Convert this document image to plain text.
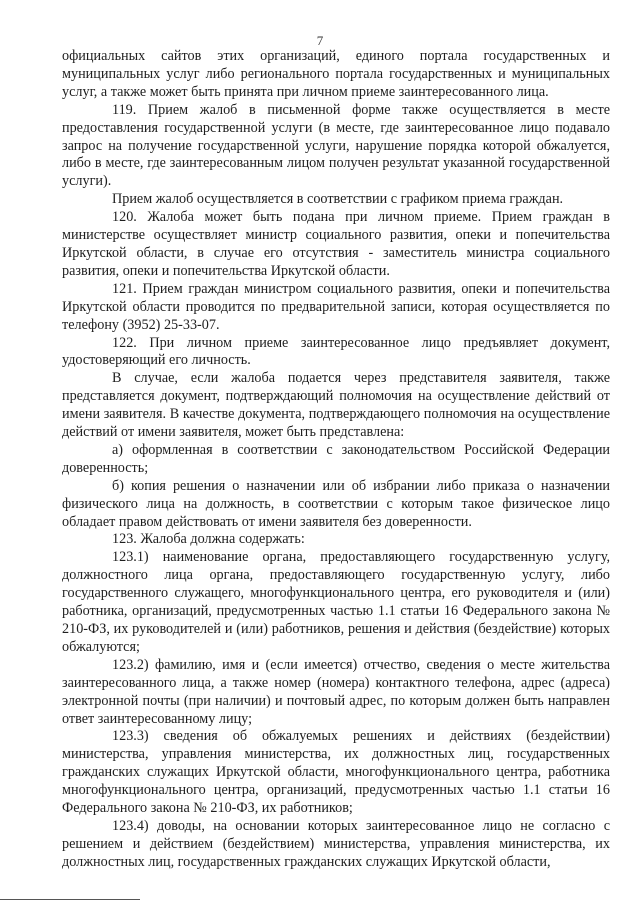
7

официальных сайтов этих организаций, единого портала государственных и муниципальных услуг либо регионального портала государственных и муниципальных услуг, а также может быть принята при личном приеме заинтересованного лица.

119. Прием жалоб в письменной форме также осуществляется в месте предоставления государственной услуги (в месте, где заинтересованное лицо подавало запрос на получение государственной услуги, нарушение порядка которой обжалуется, либо в месте, где заинтересованным лицом получен результат указанной государственной услуги).

Прием жалоб осуществляется в соответствии с графиком приема граждан.

120. Жалоба может быть подана при личном приеме. Прием граждан в министерстве осуществляет министр социального развития, опеки и попечительства Иркутской области, в случае его отсутствия - заместитель министра социального развития, опеки и попечительства Иркутской области.

121. Прием граждан министром социального развития, опеки и попечительства Иркутской области проводится по предварительной записи, которая осуществляется по телефону (3952) 25-33-07.

122. При личном приеме заинтересованное лицо предъявляет документ, удостоверяющий его личность.

В случае, если жалоба подается через представителя заявителя, также представляется документ, подтверждающий полномочия на осуществление действий от имени заявителя. В качестве документа, подтверждающего полномочия на осуществление действий от имени заявителя, может быть представлена:

а) оформленная в соответствии с законодательством Российской Федерации доверенность;

б) копия решения о назначении или об избрании либо приказа о назначении физического лица на должность, в соответствии с которым такое физическое лицо обладает правом действовать от имени заявителя без доверенности.

123. Жалоба должна содержать:

123.1) наименование органа, предоставляющего государственную услугу, должностного лица органа, предоставляющего государственную услугу, либо государственного служащего, многофункционального центра, его руководителя и (или) работника, организаций, предусмотренных частью 1.1 статьи 16 Федерального закона № 210-ФЗ, их руководителей и (или) работников, решения и действия (бездействие) которых обжалуются;

123.2) фамилию, имя и (если имеется) отчество, сведения о месте жительства заинтересованного лица, а также номер (номера) контактного телефона, адрес (адреса) электронной почты (при наличии) и почтовый адрес, по которым должен быть направлен ответ заинтересованному лицу;

123.3) сведения об обжалуемых решениях и действиях (бездействии) министерства, управления министерства, их должностных лиц, государственных гражданских служащих Иркутской области, многофункционального центра, работника многофункционального центра, организаций, предусмотренных частью 1.1 статьи 16 Федерального закона № 210-ФЗ, их работников;

123.4) доводы, на основании которых заинтересованное лицо не согласно с решением и действием (бездействием) министерства, управления министерства, их должностных лиц, государственных гражданских служащих Иркутской области,
